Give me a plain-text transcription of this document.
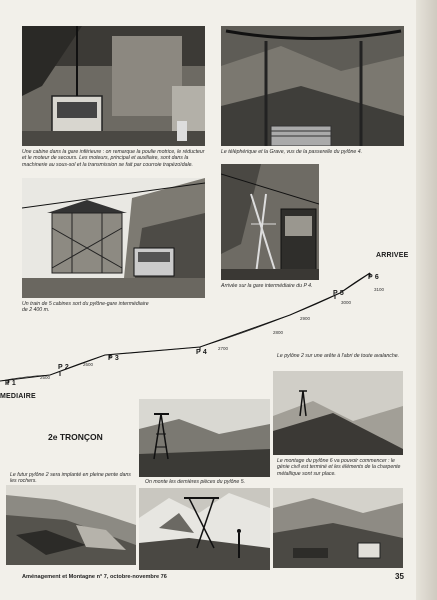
Une cabine dans la gare inférieure : on remarque la poulie motrice, le réducteur et le moteur de secours. Les moteurs, principal et auxiliaire, sont dans la machinerie au sous-sol et la transmission se fait par courroie trapézoïdale.

Le téléphérique et la Grave, vus de la passerelle du pylône 4.

Un train de 5 cabines sort du pylône-gare intermédiaire de 2 400 m.

Arrivée sur la gare intermédiaire du P 4.

ARRIVEE
MEDIAIRE
P 1
P 2
P 3
P 4
P 5
P 6
2500
2600
2700
2800
2900
3000
3100

Le pylône 2 sur une arête à l'abri de toute avalanche.

2e TRONÇON

Le futur pylône 2 sera implanté en pleine pente dans les rochers.	On monte les dernières pièces du pylône 5.

Le montage du pylône 6 va pouvoir commencer : le génie civil est terminé et les éléments de la charpente métallique sont sur place.

Aménagement et Montagne n° 7, octobre-novembre 76	35
